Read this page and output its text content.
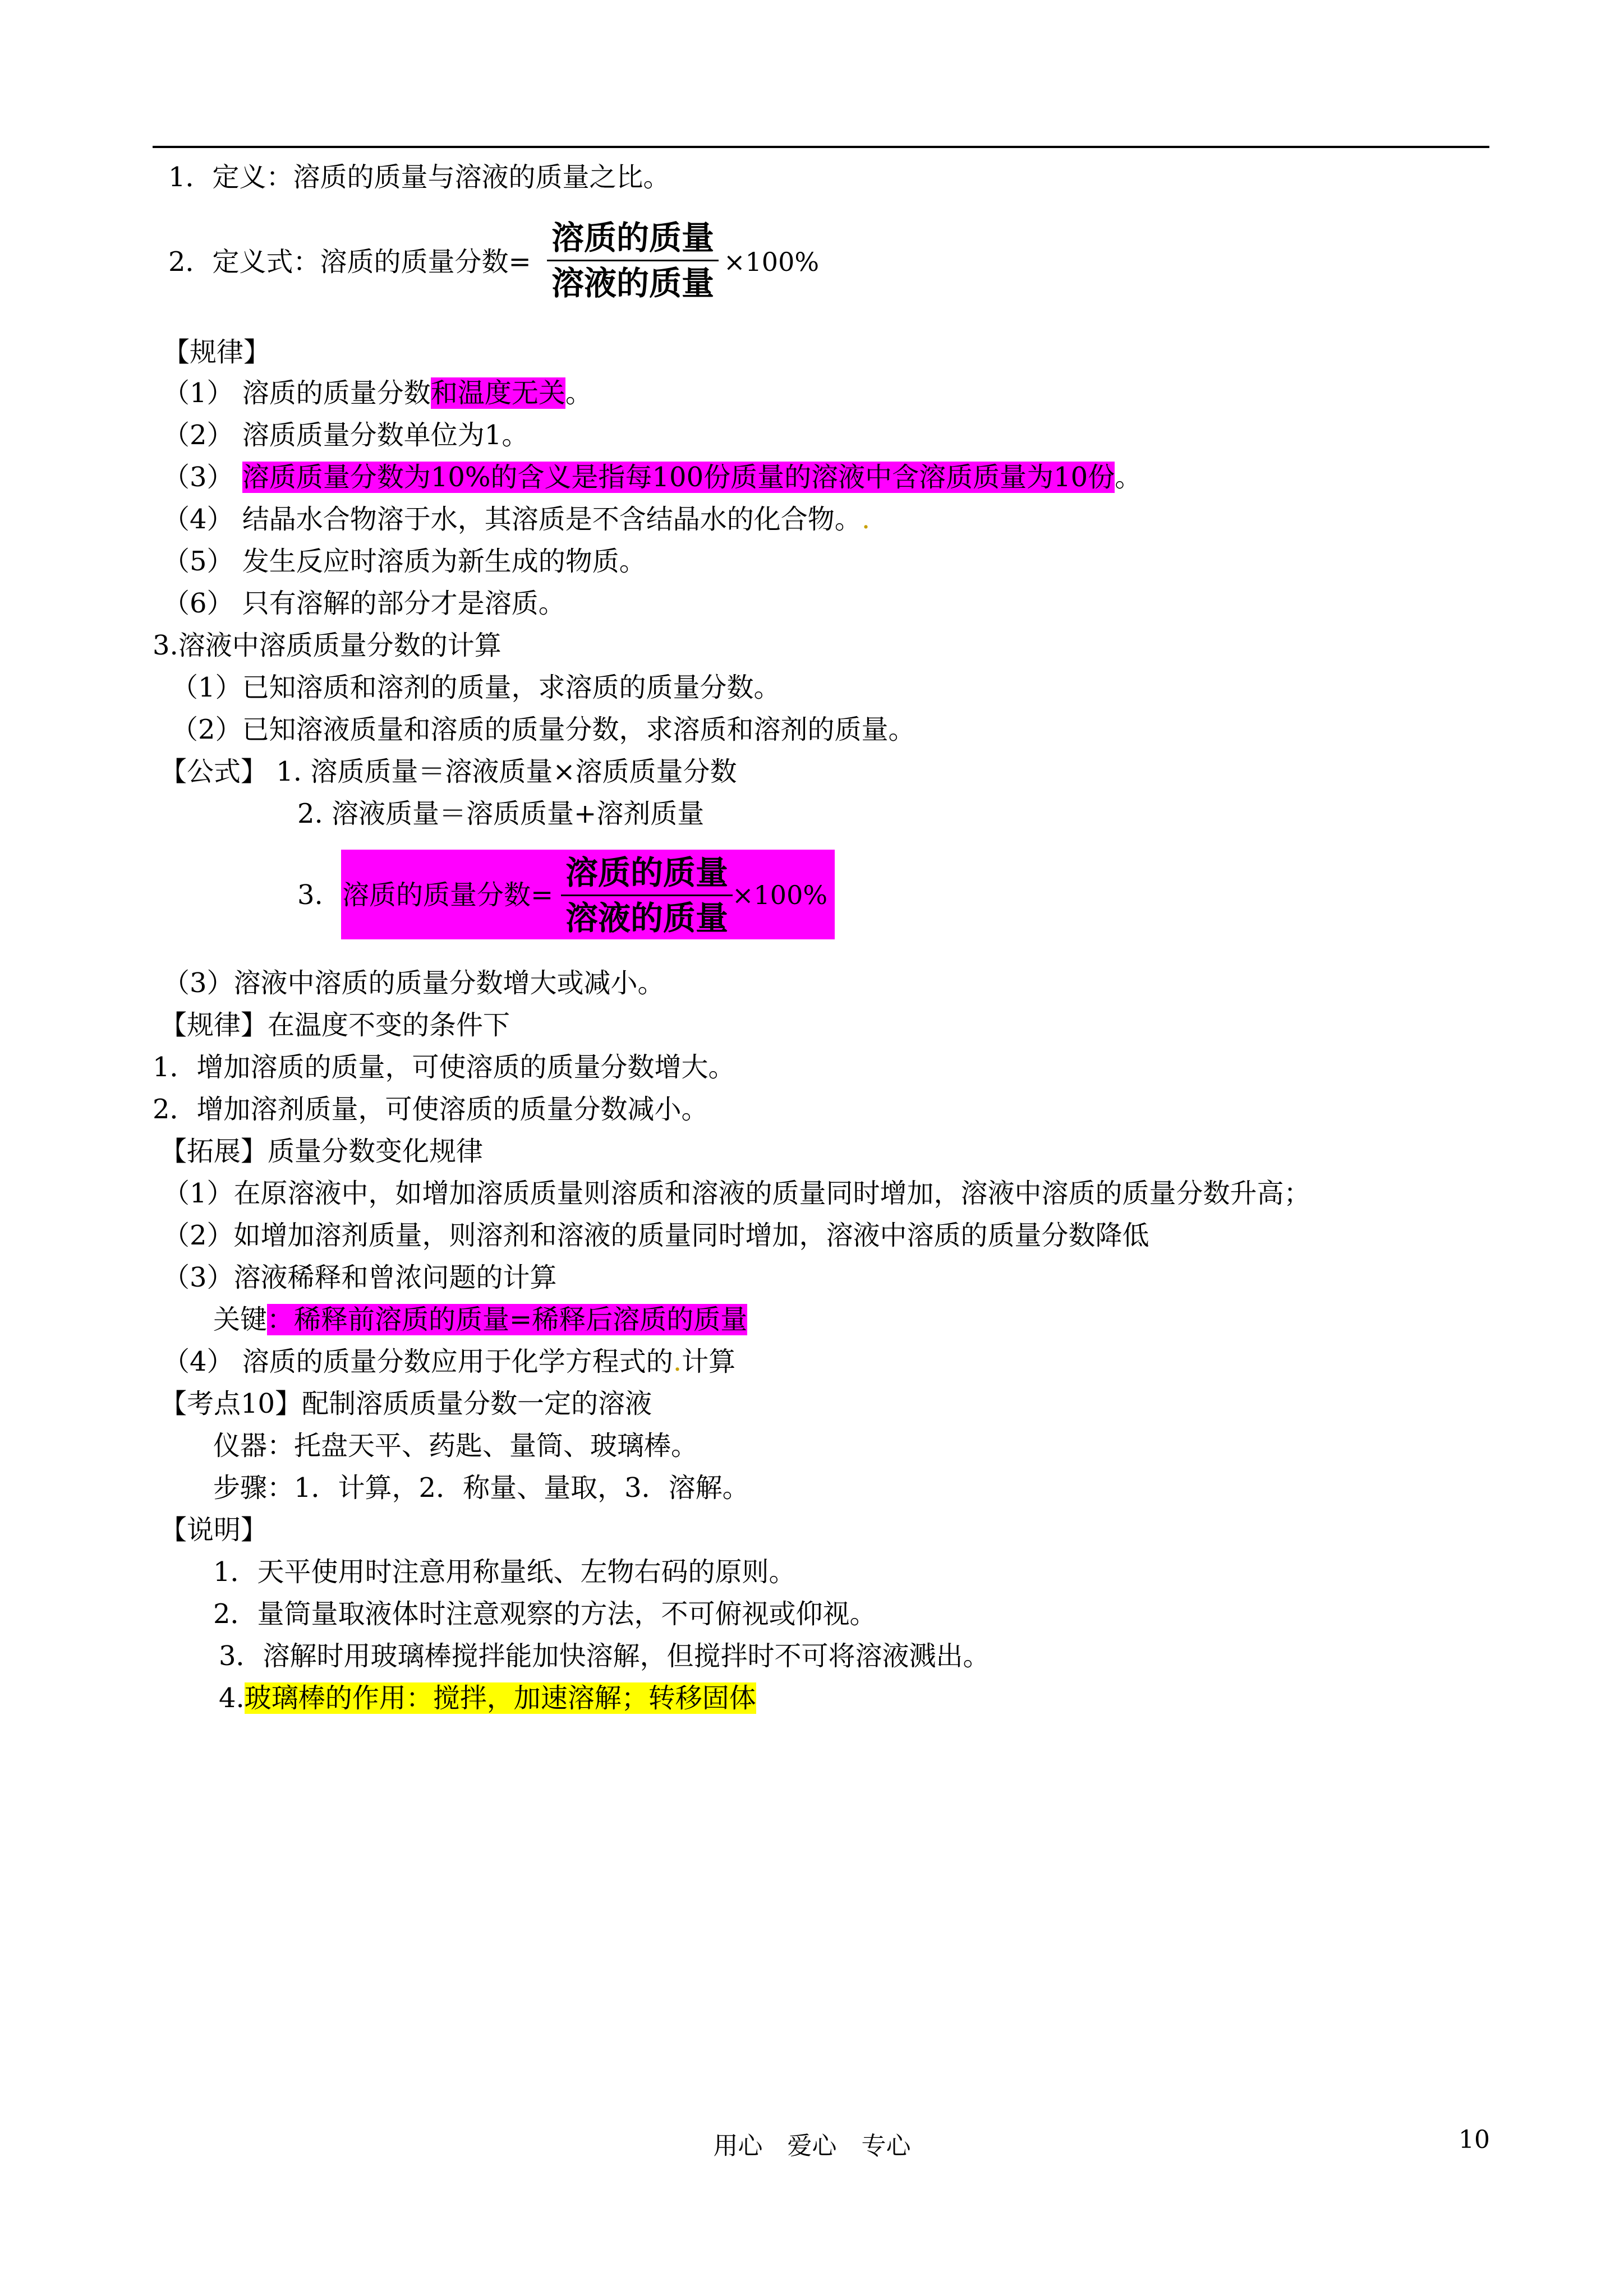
1．定义：溶质的质量与溶液的质量之比。
2．定义式：溶质的质量分数=
溶质的质量
溶液的质量
×100%
【规律】
（1） 溶质的质量分数和温度无关。
（2） 溶质质量分数单位为1。
（3） 溶质质量分数为10%的含义是指每100份质量的溶液中含溶质质量为10份。
（4） 结晶水合物溶于水，其溶质是不含结晶水的化合物。.
（5） 发生反应时溶质为新生成的物质。
（6） 只有溶解的部分才是溶质。
3.溶液中溶质质量分数的计算
（1）已知溶质和溶剂的质量，求溶质的质量分数。
（2）已知溶液质量和溶质的质量分数，求溶质和溶剂的质量。
【公式】 1. 溶质质量＝溶液质量×溶质质量分数
2. 溶液质量＝溶质质量+溶剂质量
3. 溶质的质量分数=
溶质的质量
溶液的质量
×100%
（3）溶液中溶质的质量分数增大或减小。
【规律】在温度不变的条件下
1．增加溶质的质量，可使溶质的质量分数增大。
2．增加溶剂质量，可使溶质的质量分数减小。
【拓展】质量分数变化规律
（1）在原溶液中，如增加溶质质量则溶质和溶液的质量同时增加，溶液中溶质的质量分数升高；
（2）如增加溶剂质量，则溶剂和溶液的质量同时增加，溶液中溶质的质量分数降低
（3）溶液稀释和曾浓问题的计算
关键：稀释前溶质的质量=稀释后溶质的质量
（4） 溶质的质量分数应用于化学方程式的.计算
【考点10】配制溶质质量分数一定的溶液
仪器：托盘天平、药匙、量筒、玻璃棒。
步骤：1．计算，2．称量、量取，3．溶解。
【说明】
1．天平使用时注意用称量纸、左物右码的原则。
2．量筒量取液体时注意观察的方法，不可俯视或仰视。
3．溶解时用玻璃棒搅拌能加快溶解，但搅拌时不可将溶液溅出。
4.玻璃棒的作用：搅拌，加速溶解；转移固体
用心　爱心　专心	10
